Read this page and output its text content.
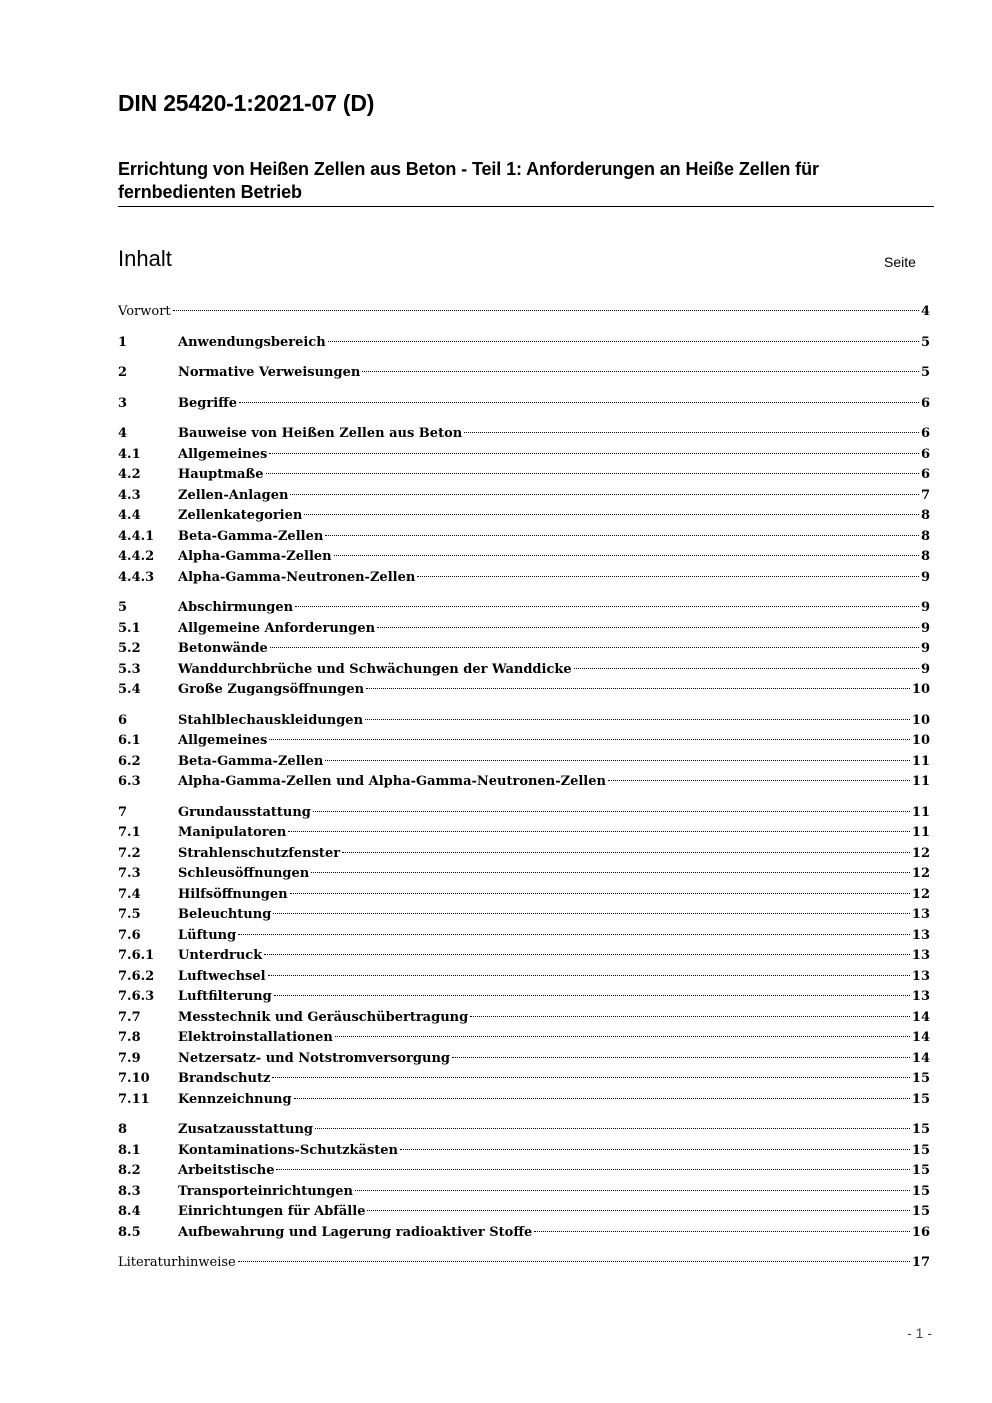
DIN 25420-1:2021-07 (D)
Errichtung von Heißen Zellen aus Beton - Teil 1: Anforderungen an Heiße Zellen für fernbedienten Betrieb
Inhalt	Seite
Vorwort	4
1	Anwendungsbereich	5
2	Normative Verweisungen	5
3	Begriffe	6
4	Bauweise von Heißen Zellen aus Beton	6
4.1	Allgemeines	6
4.2	Hauptmaße	6
4.3	Zellen-Anlagen	7
4.4	Zellenkategorien	8
4.4.1	Beta-Gamma-Zellen	8
4.4.2	Alpha-Gamma-Zellen	8
4.4.3	Alpha-Gamma-Neutronen-Zellen	9
5	Abschirmungen	9
5.1	Allgemeine Anforderungen	9
5.2	Betonwände	9
5.3	Wanddurchbrüche und Schwächungen der Wanddicke	9
5.4	Große Zugangsöffnungen	10
6	Stahlblechauskleidungen	10
6.1	Allgemeines	10
6.2	Beta-Gamma-Zellen	11
6.3	Alpha-Gamma-Zellen und Alpha-Gamma-Neutronen-Zellen	11
7	Grundausstattung	11
7.1	Manipulatoren	11
7.2	Strahlenschutzfenster	12
7.3	Schleusöffnungen	12
7.4	Hilfsöffnungen	12
7.5	Beleuchtung	13
7.6	Lüftung	13
7.6.1	Unterdruck	13
7.6.2	Luftwechsel	13
7.6.3	Luftfilterung	13
7.7	Messtechnik und Geräuschübertragung	14
7.8	Elektroinstallationen	14
7.9	Netzersatz- und Notstromversorgung	14
7.10	Brandschutz	15
7.11	Kennzeichnung	15
8	Zusatzausstattung	15
8.1	Kontaminations-Schutzkästen	15
8.2	Arbeitstische	15
8.3	Transporteinrichtungen	15
8.4	Einrichtungen für Abfälle	15
8.5	Aufbewahrung und Lagerung radioaktiver Stoffe	16
Literaturhinweise	17
- 1 -
